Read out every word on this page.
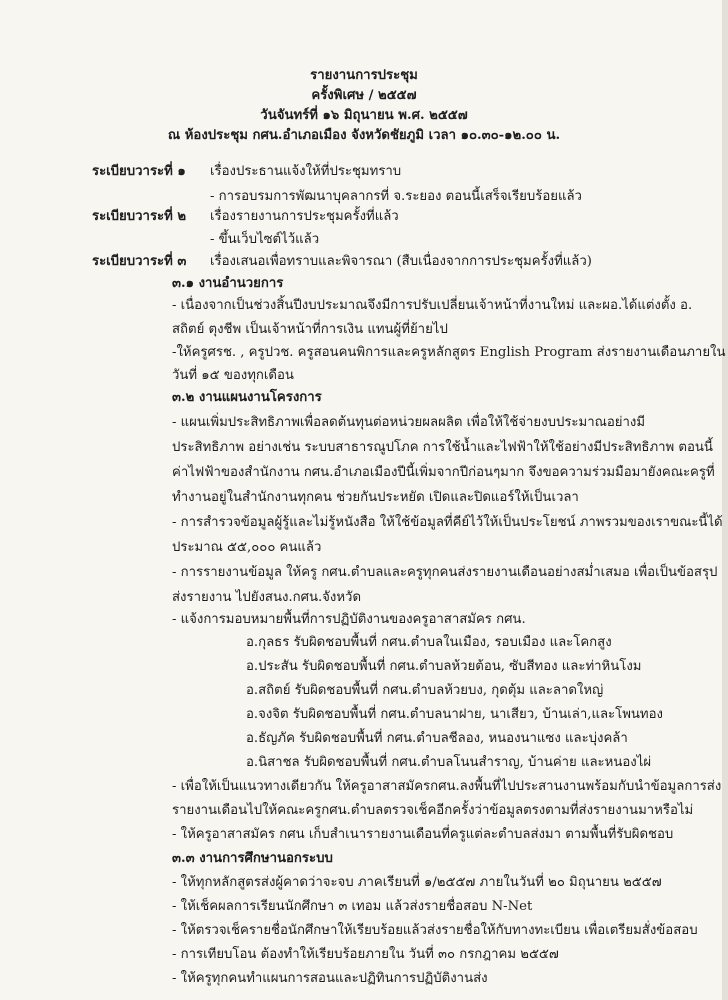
รายงานการประชุม
ครั้งพิเศษ / ๒๕๕๗
วันจันทร์ที่ ๑๖ มิถุนายน พ.ศ. ๒๕๕๗
ณ ห้องประชุม กศน.อำเภอเมือง จังหวัดชัยภูมิ เวลา ๑๐.๓๐-๑๒.๐๐ น.
ระเบียบวาระที่ ๑ เรื่องประธานแจ้งให้ที่ประชุมทราบ
- การอบรมการพัฒนาบุคลากรที่ จ.ระยอง ตอนนี้เสร็จเรียบร้อยแล้ว
ระเบียบวาระที่ ๒ เรื่องรายงานการประชุมครั้งที่แล้ว
- ขึ้นเว็บไซต์ไว้แล้ว
ระเบียบวาระที่ ๓ เรื่องเสนอเพื่อทราบและพิจารณา (สืบเนื่องจากการประชุมครั้งที่แล้ว)
๓.๑ งานอำนวยการ
- เนื่องจากเป็นช่วงสิ้นปีงบประมาณจึงมีการปรับเปลี่ยนเจ้าหน้าที่งานใหม่ และผอ.ได้แต่งตั้ง อ.
สถิตย์ ตุงชีพ เป็นเจ้าหน้าที่การเงิน แทนผู้ที่ย้ายไป
-ให้ครูศรช. , ครูปวช. ครูสอนคนพิการและครูหลักสูตร English Program ส่งรายงานเดือนภายใน
วันที่ ๑๕ ของทุกเดือน
๓.๒ งานแผนงานโครงการ
- แผนเพิ่มประสิทธิภาพเพื่อลดต้นทุนต่อหน่วยผลผลิต เพื่อให้ใช้จ่ายงบประมาณอย่างมี
ประสิทธิภาพ อย่างเช่น ระบบสาธารณูปโภค การใช้น้ำและไฟฟ้าให้ใช้อย่างมีประสิทธิภาพ ตอนนี้
ค่าไฟฟ้าของสำนักงาน กศน.อำเภอเมืองปีนี้เพิ่มจากปีก่อนๆมาก จึงขอความร่วมมือมายังคณะครูที่
ทำงานอยู่ในสำนักงานทุกคน ช่วยกันประหยัด เปิดและปิดแอร์ให้เป็นเวลา
- การสำรวจข้อมูลผู้รู้และไม่รู้หนังสือ ให้ใช้ข้อมูลที่คีย์ไว้ให้เป็นประโยชน์ ภาพรวมของเราขณะนี้ได้
ประมาณ ๕๕,๐๐๐ คนแล้ว
- การรายงานข้อมูล ให้ครู กศน.ตำบลและครูทุกคนส่งรายงานเดือนอย่างสม่ำเสมอ เพื่อเป็นข้อสรุป
ส่งรายงาน ไปยังสนง.กศน.จังหวัด
- แจ้งการมอบหมายพื้นที่การปฏิบัติงานของครูอาสาสมัคร กศน.
อ.กุลธร รับผิดชอบพื้นที่ กศน.ตำบลในเมือง, รอบเมือง และโคกสูง
อ.ประสัน รับผิดชอบพื้นที่ กศน.ตำบลห้วยต้อน, ซับสีทอง และท่าหินโงม
อ.สถิตย์ รับผิดชอบพื้นที่ กศน.ตำบลห้วยบง, กุดตุ้ม และลาดใหญ่
อ.จงจิต รับผิดชอบพื้นที่ กศน.ตำบลนาฝาย, นาเสียว, บ้านเล่า,และโพนทอง
อ.ธัญภัค รับผิดชอบพื้นที่ กศน.ตำบลชีลอง, หนองนาแซง และบุ่งคล้า
อ.นิสาชล รับผิดชอบพื้นที่ กศน.ตำบลโนนสำราญ, บ้านค่าย และหนองไผ่
- เพื่อให้เป็นแนวทางเดียวกัน ให้ครูอาสาสมัครกศน.ลงพื้นที่ไปประสานงานพร้อมกับนำข้อมูลการส่ง
รายงานเดือนไปให้คณะครูกศน.ตำบลตรวจเช็คอีกครั้งว่าข้อมูลตรงตามที่ส่งรายงานมาหรือไม่
- ให้ครูอาสาสมัคร กศน เก็บสำเนารายงานเดือนที่ครูแต่ละตำบลส่งมา ตามพื้นที่รับผิดชอบ
๓.๓ งานการศึกษานอกระบบ
- ให้ทุกหลักสูตรส่งผู้คาดว่าจะจบ ภาคเรียนที่ ๑/๒๕๕๗ ภายในวันที่ ๒๐ มิถุนายน ๒๕๕๗
- ให้เช็คผลการเรียนนักศึกษา ๓ เทอม แล้วส่งรายชื่อสอบ N-Net
- ให้ตรวจเช็ครายชื่อนักศึกษาให้เรียบร้อยแล้วส่งรายชื่อให้กับทางทะเบียน เพื่อเตรียมสั่งข้อสอบ
- การเทียบโอน ต้องทำให้เรียบร้อยภายใน วันที่ ๓๐ กรกฎาคม ๒๕๕๗
- ให้ครูทุกคนทำแผนการสอนและปฏิทินการปฏิบัติงานส่ง
